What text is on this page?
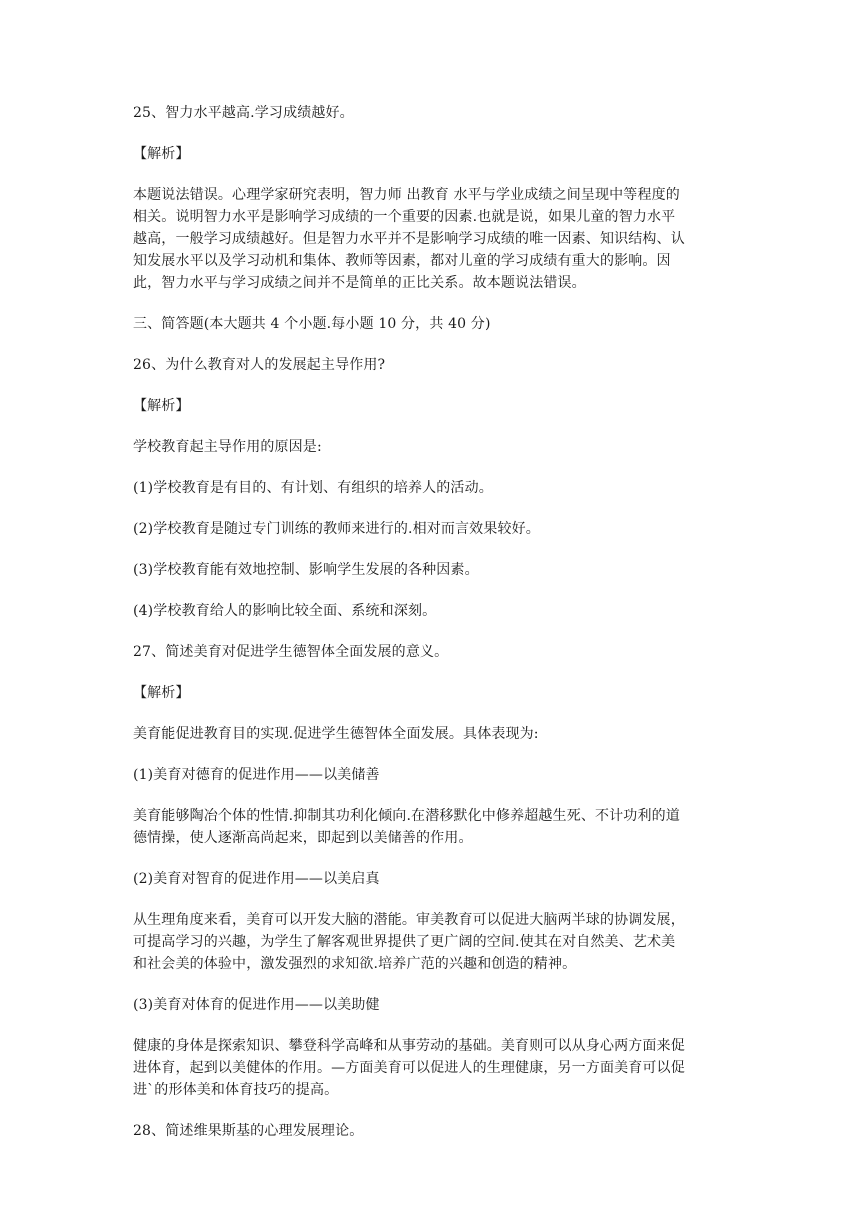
25、智力水平越高.学习成绩越好。

【解析】

本题说法错误。心理学家研究表明，智力师 出教育 水平与学业成绩之间呈现中等程度的

相关。说明智力水平是影响学习成绩的一个重要的因素.也就是说，如果儿童的智力水平

越高，一般学习成绩越好。但是智力水平并不是影响学习成绩的唯一因素、知识结构、认

知发展水平以及学习动机和集体、教师等因素，都对儿童的学习成绩有重大的影响。因

此，智力水平与学习成绩之间并不是简单的正比关系。故本题说法错误。

三、简答题(本大题共 4 个小题.每小题 10 分，共 40 分)

26、为什么教育对人的发展起主导作用?

【解析】

学校教育起主导作用的原因是:

(1)学校教育是有目的、有计划、有组织的培养人的活动。

(2)学校教育是随过专门训练的教师来进行的.相对而言效果较好。

(3)学校教育能有效地控制、影响学生发展的各种因素。

(4)学校教育给人的影响比较全面、系统和深刻。

27、简述美育对促进学生德智体全面发展的意义。

【解析】

美育能促进教育目的实现.促进学生德智体全面发展。具体表现为:

(1)美育对德育的促进作用——以美储善

美育能够陶冶个体的性情.抑制其功利化倾向.在潜移默化中修养超越生死、不计功利的道

德情操，使人逐渐高尚起来，即起到以美储善的作用。

(2)美育对智育的促进作用——以美启真

从生理角度来看，美育可以开发大脑的潜能。审美教育可以促进大脑两半球的协调发展，

可提高学习的兴趣，为学生了解客观世界提供了更广阔的空间.使其在对自然美、艺术美

和社会美的体验中，激发强烈的求知欲.培养广范的兴趣和创造的精神。

(3)美育对体育的促进作用——以美助健

健康的身体是探索知识、攀登科学高峰和从事劳动的基础。美育则可以从身心两方面来促

进体育，起到以美健体的作用。—方面美育可以促进人的生理健康，另一方面美育可以促

进`的形体美和体育技巧的提高。

28、简述维果斯基的心理发展理论。
